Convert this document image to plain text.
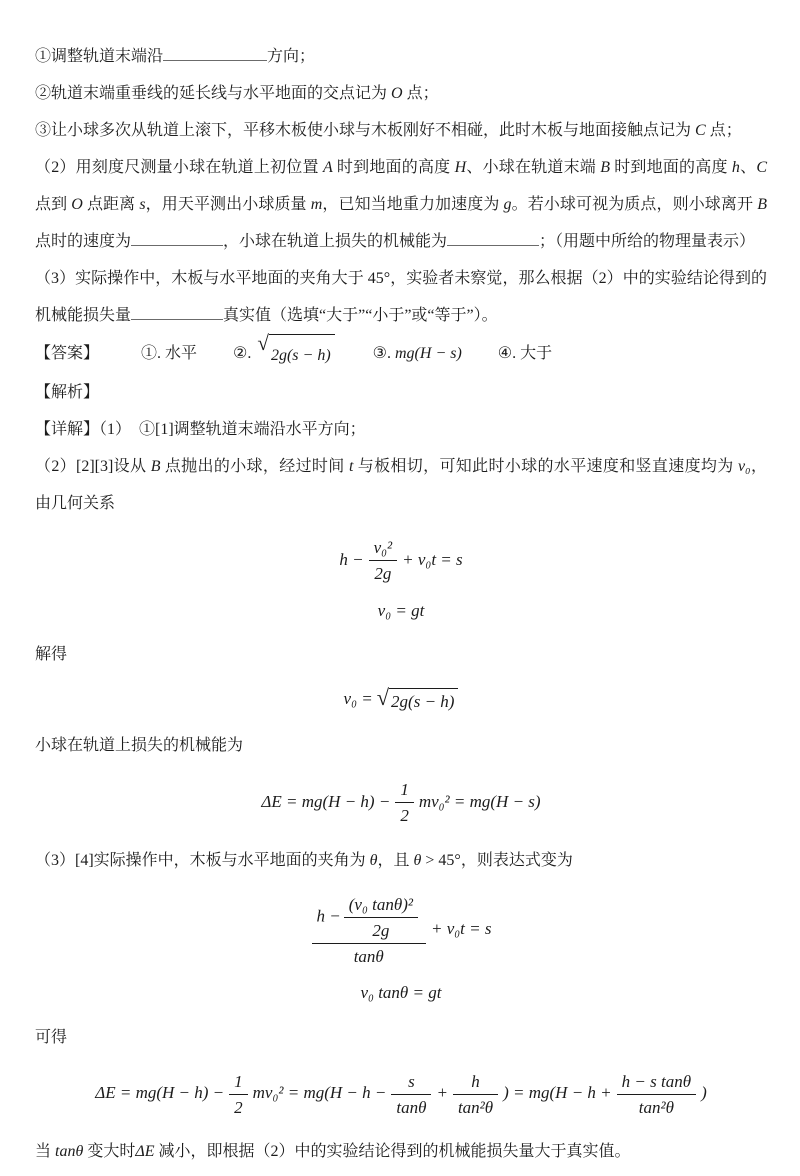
①调整轨道末端沿	方向；

②轨道末端重垂线的延长线与水平地面的交点记为 O 点；

③让小球多次从轨道上滚下，平移木板使小球与木板刚好不相碰，此时木板与地面接触点记为 C 点；

（2）用刻度尺测量小球在轨道上初位置 A 时到地面的高度 H、小球在轨道末端 B 时到地面的高度 h、C 点到 O 点距离 s，用天平测出小球质量 m，已知当地重力加速度为 g。若小球可视为质点，则小球离开 B 点时的速度为	，小球在轨道上损失的机械能为	；（用题中所给的物理量表示）

（3）实际操作中，木板与水平地面的夹角大于 45°，实验者未察觉，那么根据（2）中的实验结论得到的机械能损失量	真实值（选填“大于”“小于”或“等于”）。

【答案】	①. 水平 ②. √
2g(s − h)	③. mg(H − s) ④. 大于

【解析】

【详解】（1）　①[1]调整轨道末端沿水平方向；

（2）[2][3]设从 B 点抛出的小球，经过时间 t 与板相切，可知此时小球的水平速度和竖直速度均为 v₀，由几何关系

$h - \frac{\text{v₀²}}{2g} + v_0t = s$
v₀ = gt

解得

v₀ = √ 2g(s − h)

小球在轨道上损失的机械能为

$\Delta E = mg(H - h) - \frac{1}{2} mv_0^2 = mg(H - s)$

（3）[4]实际操作中，木板与水平地面的夹角为 θ，且 θ > 45°，则表达式变为

$\frac{h - \frac{\text{(v₀ tanθ)²}}{2g}}{\tan\theta} + v_0t = s$
v₀ tanθ = gt

可得

$\Delta E = mg(H - h) - \frac{1}{2} mv_0^2 = mg(H - h - \frac{s}{\tan\theta} + \frac{h}{\text{tan²θ}}$ ) = $mg(H - h + \frac{\text{h − s tanθ}}{\text{tan²θ}}$ )

当 tanθ 变大时ΔE 减小，即根据（2）中的实验结论得到的机械能损失量大于真实值。
